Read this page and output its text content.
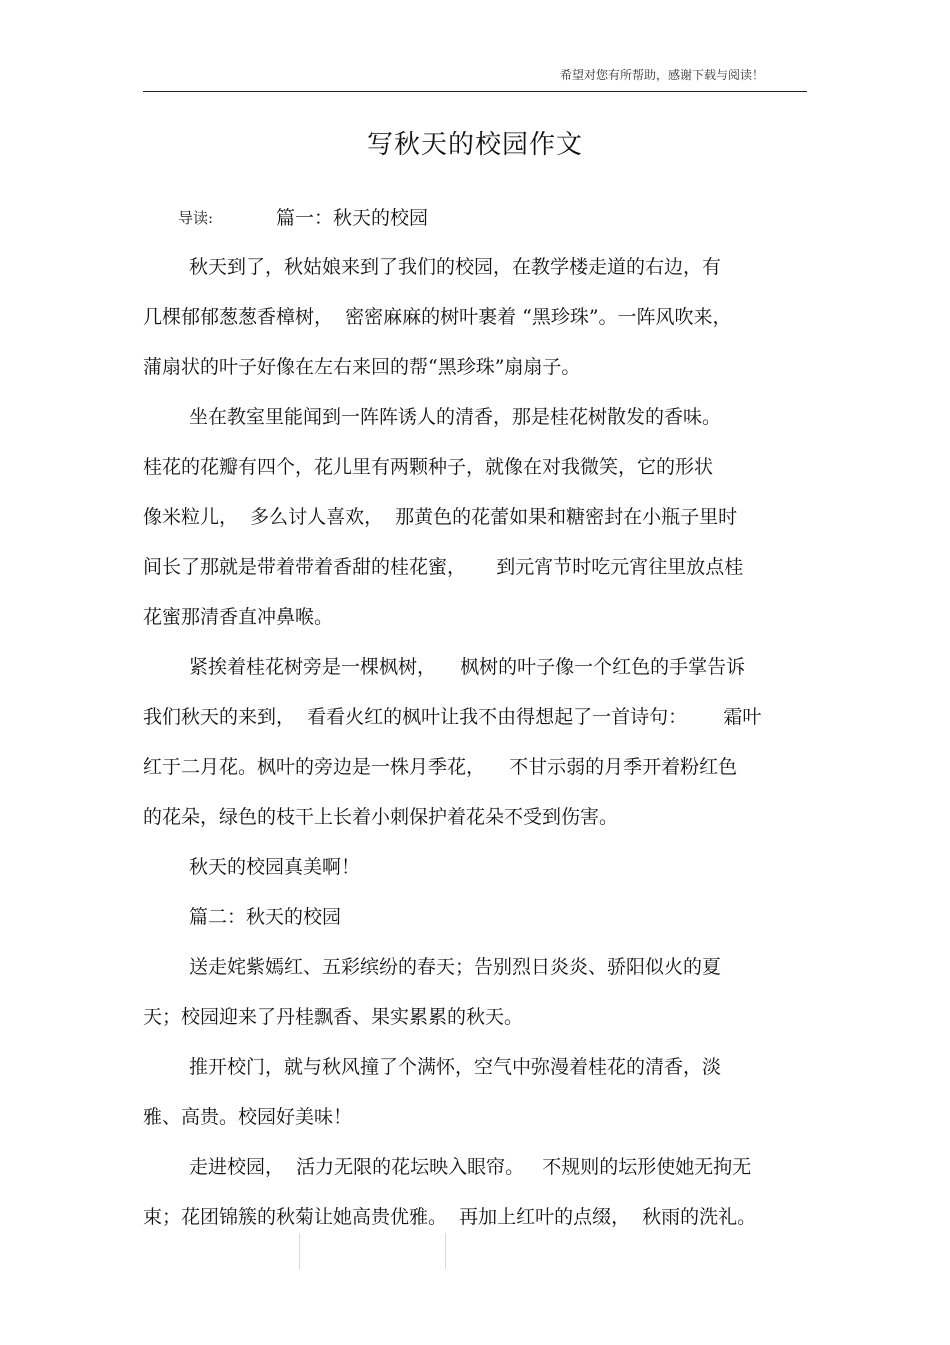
希望对您有所帮助，感谢下载与阅读！
写秋天的校园作文
导读:	篇一：秋天的校园
秋天到了，秋姑娘来到了我们的校园，在教学楼走道的右边，有
几棵郁郁葱葱香樟树，  密密麻麻的树叶裹着 “黑珍珠”。一阵风吹来，
蒲扇状的叶子好像在左右来回的帮“黑珍珠”扇扇子。
坐在教室里能闻到一阵阵诱人的清香，那是桂花树散发的香味。
桂花的花瓣有四个，花儿里有两颗种子，就像在对我微笑，它的形状
像米粒儿，  多么讨人喜欢，  那黄色的花蕾如果和糖密封在小瓶子里时
间长了那就是带着带着香甜的桂花蜜，     到元宵节时吃元宵往里放点桂
花蜜那清香直冲鼻喉。
紧挨着桂花树旁是一棵枫树，    枫树的叶子像一个红色的手掌告诉
我们秋天的来到，  看看火红的枫叶让我不由得想起了一首诗句：      霜叶
红于二月花。枫叶的旁边是一株月季花，    不甘示弱的月季开着粉红色
的花朵，绿色的枝干上长着小刺保护着花朵不受到伤害。
秋天的校园真美啊！
篇二：秋天的校园
送走姹紫嫣红、五彩缤纷的春天；告别烈日炎炎、骄阳似火的夏
天；校园迎来了丹桂飘香、果实累累的秋天。
推开校门，就与秋风撞了个满怀，空气中弥漫着桂花的清香，淡
雅、高贵。校园好美味！
走进校园，  活力无限的花坛映入眼帘。   不规则的坛形使她无拘无
束；花团锦簇的秋菊让她高贵优雅。  再加上红叶的点缀，  秋雨的洗礼。
